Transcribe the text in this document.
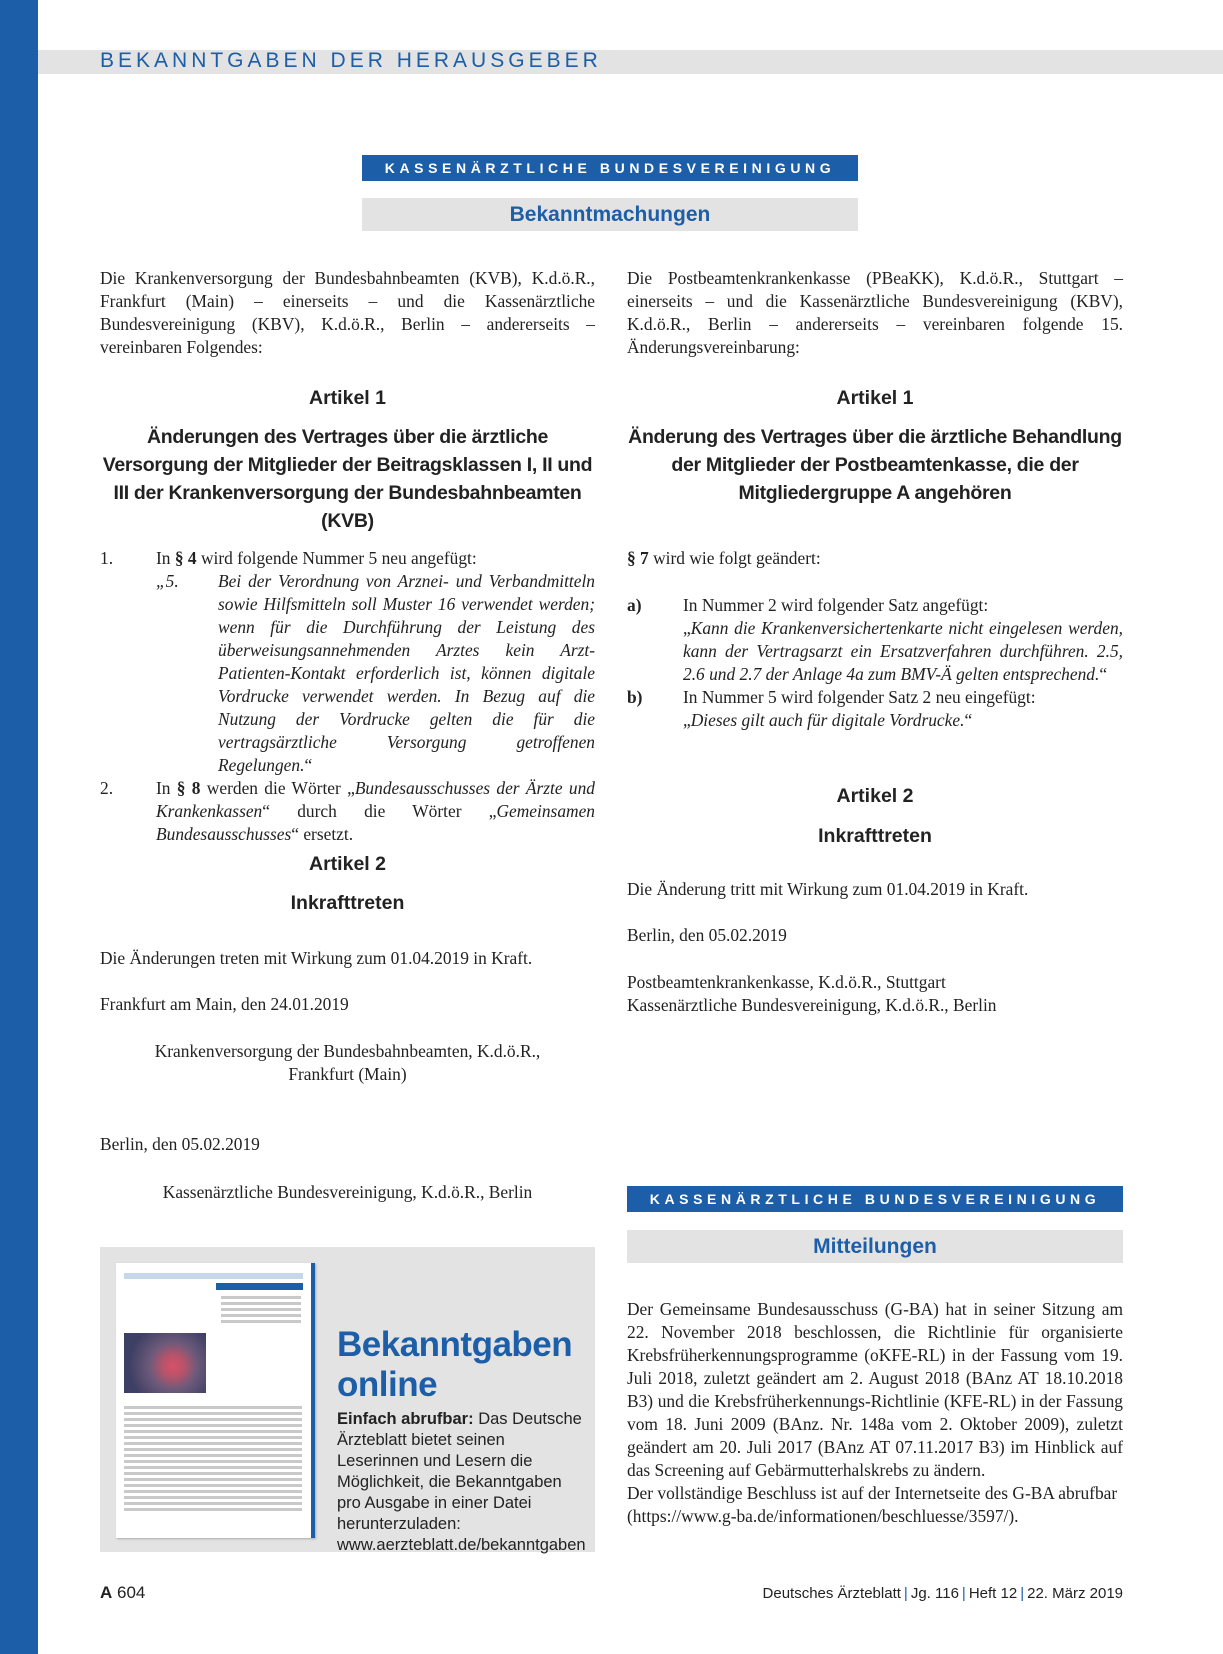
BEKANNTGABEN DER HERAUSGEBER
KASSENÄRZTLICHE BUNDESVEREINIGUNG
Bekanntmachungen
Die Krankenversorgung der Bundesbahnbeamten (KVB), K.d.ö.R., Frankfurt (Main) – einerseits – und die Kassenärztliche Bundesvereinigung (KBV), K.d.ö.R., Berlin – andererseits – vereinbaren Folgendes:
Artikel 1
Änderungen des Vertrages über die ärztliche Versorgung der Mitglieder der Beitragsklassen I, II und III der Krankenversorgung der Bundesbahnbeamten (KVB)
1.	In § 4 wird folgende Nummer 5 neu angefügt:
„5.	Bei der Verordnung von Arznei- und Verbandmitteln sowie Hilfsmitteln soll Muster 16 verwendet werden; wenn für die Durchführung der Leistung des überweisungsannehmenden Arztes kein Arzt-Patienten-Kontakt erforderlich ist, können digitale Vordrucke verwendet werden. In Bezug auf die Nutzung der Vordrucke gelten die für die vertragsärztliche Versorgung getroffenen Regelungen.“
2.	In § 8 werden die Wörter „Bundesausschusses der Ärzte und Krankenkassen“ durch die Wörter „Gemeinsamen Bundesausschusses“ ersetzt.
Artikel 2
Inkrafttreten
Die Änderungen treten mit Wirkung zum 01.04.2019 in Kraft.
Frankfurt am Main, den 24.01.2019
Krankenversorgung der Bundesbahnbeamten, K.d.ö.R.,
Frankfurt (Main)
Berlin, den 05.02.2019
Kassenärztliche Bundesvereinigung, K.d.ö.R., Berlin
Bekanntgaben
online
Einfach abrufbar: Das Deutsche Ärzteblatt bietet seinen Leserinnen und Lesern die Möglichkeit, die Bekanntgaben pro Ausgabe in einer Datei herunterzuladen: www.aerzteblatt.de/bekanntgaben
Die Postbeamtenkrankenkasse (PBeaKK), K.d.ö.R., Stuttgart – einerseits – und die Kassenärztliche Bundesvereinigung (KBV), K.d.ö.R., Berlin – andererseits – vereinbaren folgende 15. Änderungsvereinbarung:
Artikel 1
Änderung des Vertrages über die ärztliche Behandlung der Mitglieder der Postbeamtenkasse, die der Mitgliedergruppe A angehören
§ 7 wird wie folgt geändert:
a)	In Nummer 2 wird folgender Satz angefügt:
„Kann die Krankenversichertenkarte nicht eingelesen werden, kann der Vertragsarzt ein Ersatzverfahren durchführen. 2.5, 2.6 und 2.7 der Anlage 4a zum BMV-Ä gelten entsprechend.“
b)	In Nummer 5 wird folgender Satz 2 neu eingefügt:
„Dieses gilt auch für digitale Vordrucke.“
Artikel 2
Inkrafttreten
Die Änderung tritt mit Wirkung zum 01.04.2019 in Kraft.
Berlin, den 05.02.2019
Postbeamtenkrankenkasse, K.d.ö.R., Stuttgart
Kassenärztliche Bundesvereinigung, K.d.ö.R., Berlin
KASSENÄRZTLICHE BUNDESVEREINIGUNG
Mitteilungen
Der Gemeinsame Bundesausschuss (G-BA) hat in seiner Sitzung am 22. November 2018 beschlossen, die Richtlinie für organisierte Krebsfrüherkennungsprogramme (oKFE-RL) in der Fassung vom 19. Juli 2018, zuletzt geändert am 2. August 2018 (BAnz AT 18.10.2018 B3) und die Krebsfrüherkennungs-Richtlinie (KFE-RL) in der Fassung vom 18. Juni 2009 (BAnz. Nr. 148a vom 2. Oktober 2009), zuletzt geändert am 20. Juli 2017 (BAnz AT 07.11.2017 B3) im Hinblick auf das Screening auf Gebärmutterhalskrebs zu ändern.
Der vollständige Beschluss ist auf der Internetseite des G-BA abrufbar (https://www.g-ba.de/informationen/beschluesse/3597/).
A 604	Deutsches Ärzteblatt | Jg. 116 | Heft 12 | 22. März 2019
